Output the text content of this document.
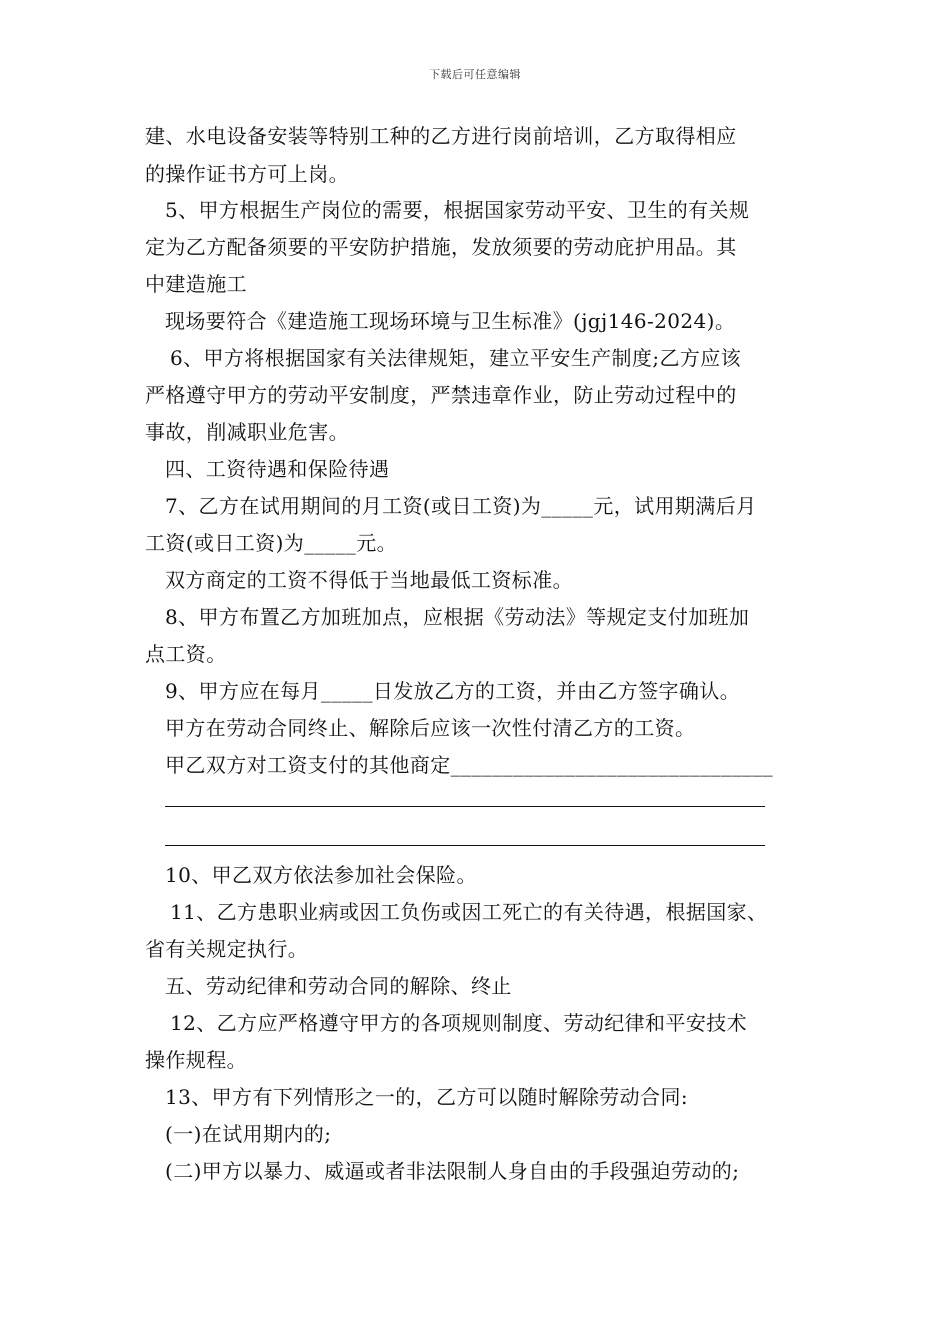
下载后可任意编辑
建、水电设备安装等特别工种的乙方进行岗前培训，乙方取得相应
的操作证书方可上岗。
5、甲方根据生产岗位的需要，根据国家劳动平安、卫生的有关规
定为乙方配备须要的平安防护措施，发放须要的劳动庇护用品。其
中建造施工
现场要符合《建造施工现场环境与卫生标准》(jgj146-2024)。
6、甲方将根据国家有关法律规矩，建立平安生产制度;乙方应该
严格遵守甲方的劳动平安制度，严禁违章作业，防止劳动过程中的
事故，削减职业危害。
四、工资待遇和保险待遇
7、乙方在试用期间的月工资(或日工资)为_____元，试用期满后月
工资(或日工资)为_____元。
双方商定的工资不得低于当地最低工资标准。
8、甲方布置乙方加班加点，应根据《劳动法》等规定支付加班加
点工资。
9、甲方应在每月_____日发放乙方的工资，并由乙方签字确认。
甲方在劳动合同终止、解除后应该一次性付清乙方的工资。
甲乙双方对工资支付的其他商定_______________________________
10、甲乙双方依法参加社会保险。
11、乙方患职业病或因工负伤或因工死亡的有关待遇，根据国家、
省有关规定执行。
五、劳动纪律和劳动合同的解除、终止
12、乙方应严格遵守甲方的各项规则制度、劳动纪律和平安技术
操作规程。
13、甲方有下列情形之一的，乙方可以随时解除劳动合同:
(一)在试用期内的;
(二)甲方以暴力、威逼或者非法限制人身自由的手段强迫劳动的;
